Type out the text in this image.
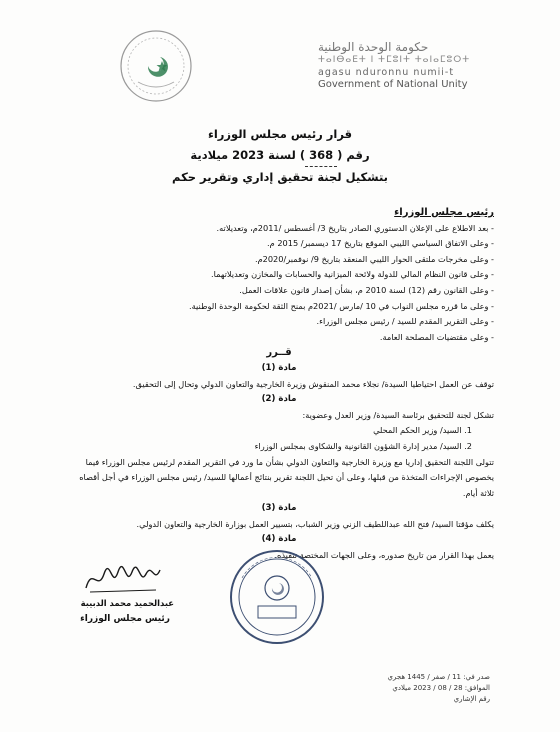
حكومة الوحدة الوطنية
ⵜⴰⵏⴱⴰⴹⵜ ⵏ ⵜⵎⵓⵏⵜ ⵜⴰⵏⴰⵎⵓⵔⵜ
agasu nduronnu numii-t
Government of National Unity
قرار رئيس مجلس الوزراء
رقم (368) لسنة 2023 ميلادية
بتشكيل لجنة تحقيق إداري وتقرير حكم

رئيس مجلس الوزراء

- بعد الاطلاع على الإعلان الدستوري الصادر بتاريخ 3/ أغسطس /2011م، وتعديلاته.

- وعلى الاتفاق السياسي الليبي الموقع بتاريخ 17 ديسمبر/ 2015 م.

- وعلى مخرجات ملتقى الحوار الليبي المنعقد بتاريخ 9/ نوفمبر/2020م.

- وعلى قانون النظام المالي للدولة ولائحة الميزانية والحسابات والمخازن وتعديلاتهما.

- وعلى القانون رقم (12) لسنة 2010 م، بشأن إصدار قانون علاقات العمل.

- وعلى ما قرره مجلس النواب في 10 /مارس /2021م بمنح الثقة لحكومة الوحدة الوطنية.

- وعلى التقرير المقدم للسيد / رئيس مجلس الوزراء.

- وعلى مقتضيات المصلحة العامة.

قــرر

مادة (1)

توقف عن العمل احتياطيا السيدة/ نجلاء محمد المنقوش وزيرة الخارجية والتعاون الدولي وتحال إلى التحقيق.

مادة (2)

تشكل لجنة للتحقيق برئاسة السيدة/ وزير العدل وعضوية:

1. السيد/ وزير الحكم المحلي

2. السيد/ مدير إدارة الشؤون القانونية والشكاوى بمجلس الوزراء

تتولى اللجنة التحقيق إداريا مع وزيرة الخارجية والتعاون الدولي بشأن ما ورد في التقرير المقدم لرئيس مجلس الوزراء فيما يخصوص الإجراءات المتخذة من قبلها، وعلى أن تحيل اللجنة تقرير بنتائج أعمالها للسيد/ رئيس مجلس الوزراء في أجل أقصاه ثلاثة أيام.

مادة (3)

يكلف مؤقتا السيد/ فتح الله عبداللطيف الزني وزير الشباب، بتسيير العمل بوزارة الخارجية والتعاون الدولي.

مادة (4)

يعمل بهذا القرار من تاريخ صدوره، وعلى الجهات المختصة تنفيذه.

عبدالحميد محمد الدبيبة
رئيس مجلس الوزراء
صدر في: 11 / صفر / 1445 هجري
الموافق: 28 / 08 / 2023 ميلادي
رقم الإشاري
